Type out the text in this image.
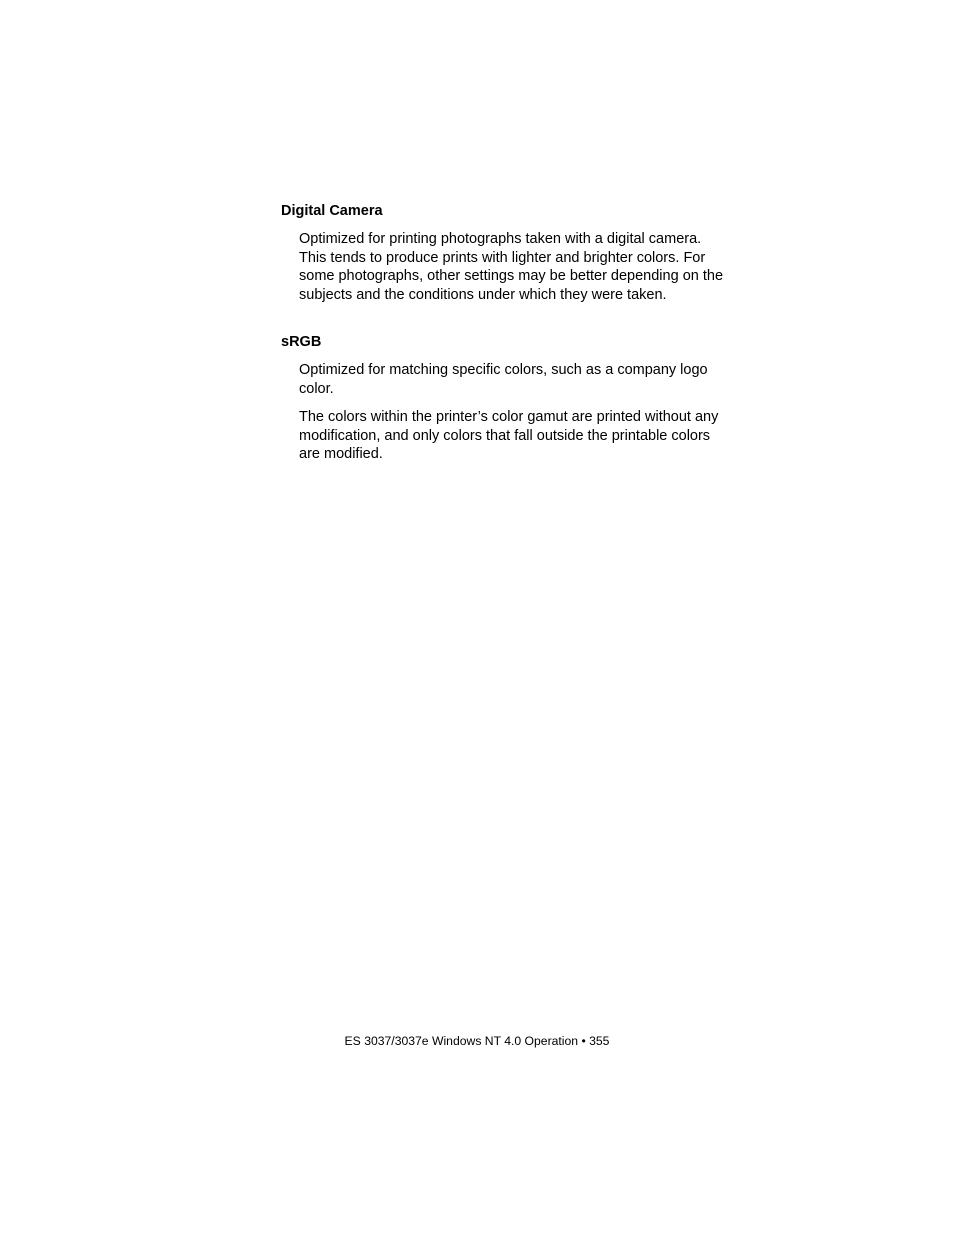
Digital Camera

Optimized for printing photographs taken with a digital camera. This tends to produce prints with lighter and brighter colors. For some photographs, other settings may be better depending on the subjects and the conditions under which they were taken.

sRGB

Optimized for matching specific colors, such as a company logo color.

The colors within the printer’s color gamut are printed without any modification, and only colors that fall outside the printable colors are modified.

ES 3037/3037e Windows NT 4.0 Operation • 355
